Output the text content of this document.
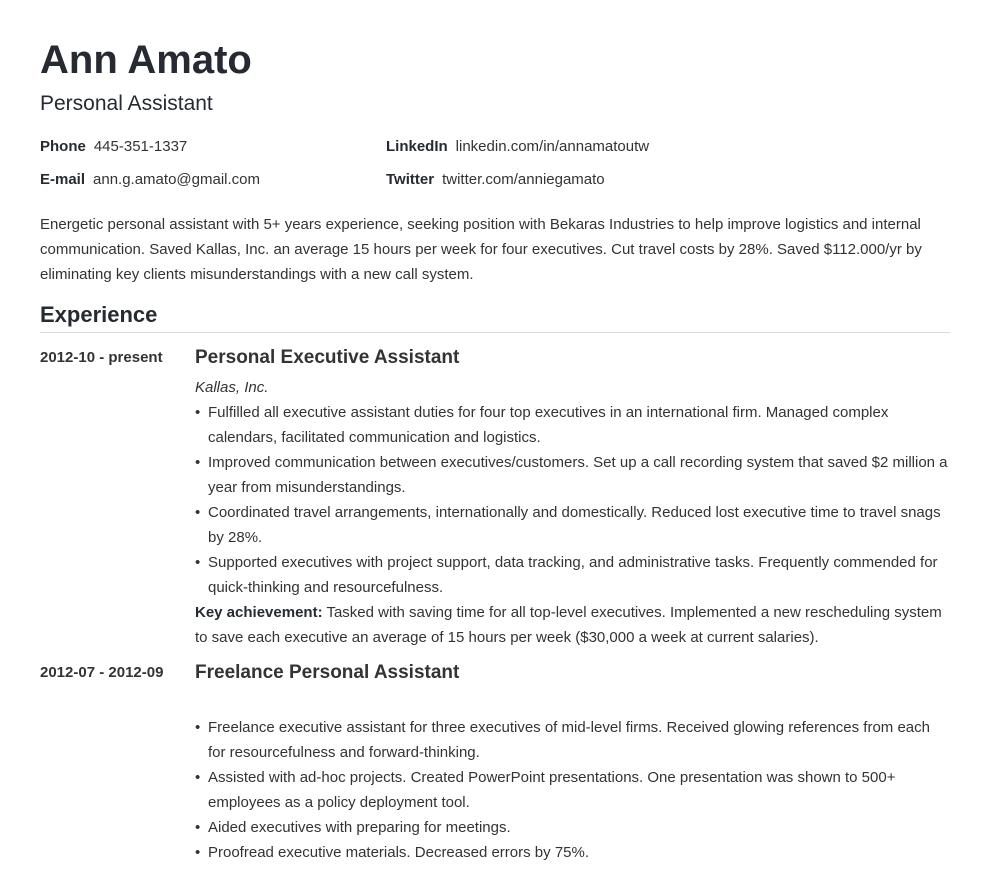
Ann Amato
Personal Assistant
Phone 445-351-1337	LinkedIn linkedin.com/in/annamatoutw
E-mail ann.g.amato@gmail.com	Twitter twitter.com/anniegamato
Energetic personal assistant with 5+ years experience, seeking position with Bekaras Industries to help improve logistics and internal communication. Saved Kallas, Inc. an average 15 hours per week for four executives. Cut travel costs by 28%. Saved $112.000/yr by eliminating key clients misunderstandings with a new call system.
Experience
2012-10 - present Personal Executive Assistant
Kallas, Inc.
• Fulfilled all executive assistant duties for four top executives in an international firm. Managed complex calendars, facilitated communication and logistics.
• Improved communication between executives/customers. Set up a call recording system that saved $2 million a year from misunderstandings.
• Coordinated travel arrangements, internationally and domestically. Reduced lost executive time to travel snags by 28%.
• Supported executives with project support, data tracking, and administrative tasks. Frequently commended for quick-thinking and resourcefulness.
Key achievement: Tasked with saving time for all top-level executives. Implemented a new rescheduling system to save each executive an average of 15 hours per week ($30,000 a week at current salaries).
2012-07 - 2012-09 Freelance Personal Assistant
• Freelance executive assistant for three executives of mid-level firms. Received glowing references from each for resourcefulness and forward-thinking.
• Assisted with ad-hoc projects. Created PowerPoint presentations. One presentation was shown to 500+ employees as a policy deployment tool.
• Aided executives with preparing for meetings.
• Proofread executive materials. Decreased errors by 75%.
